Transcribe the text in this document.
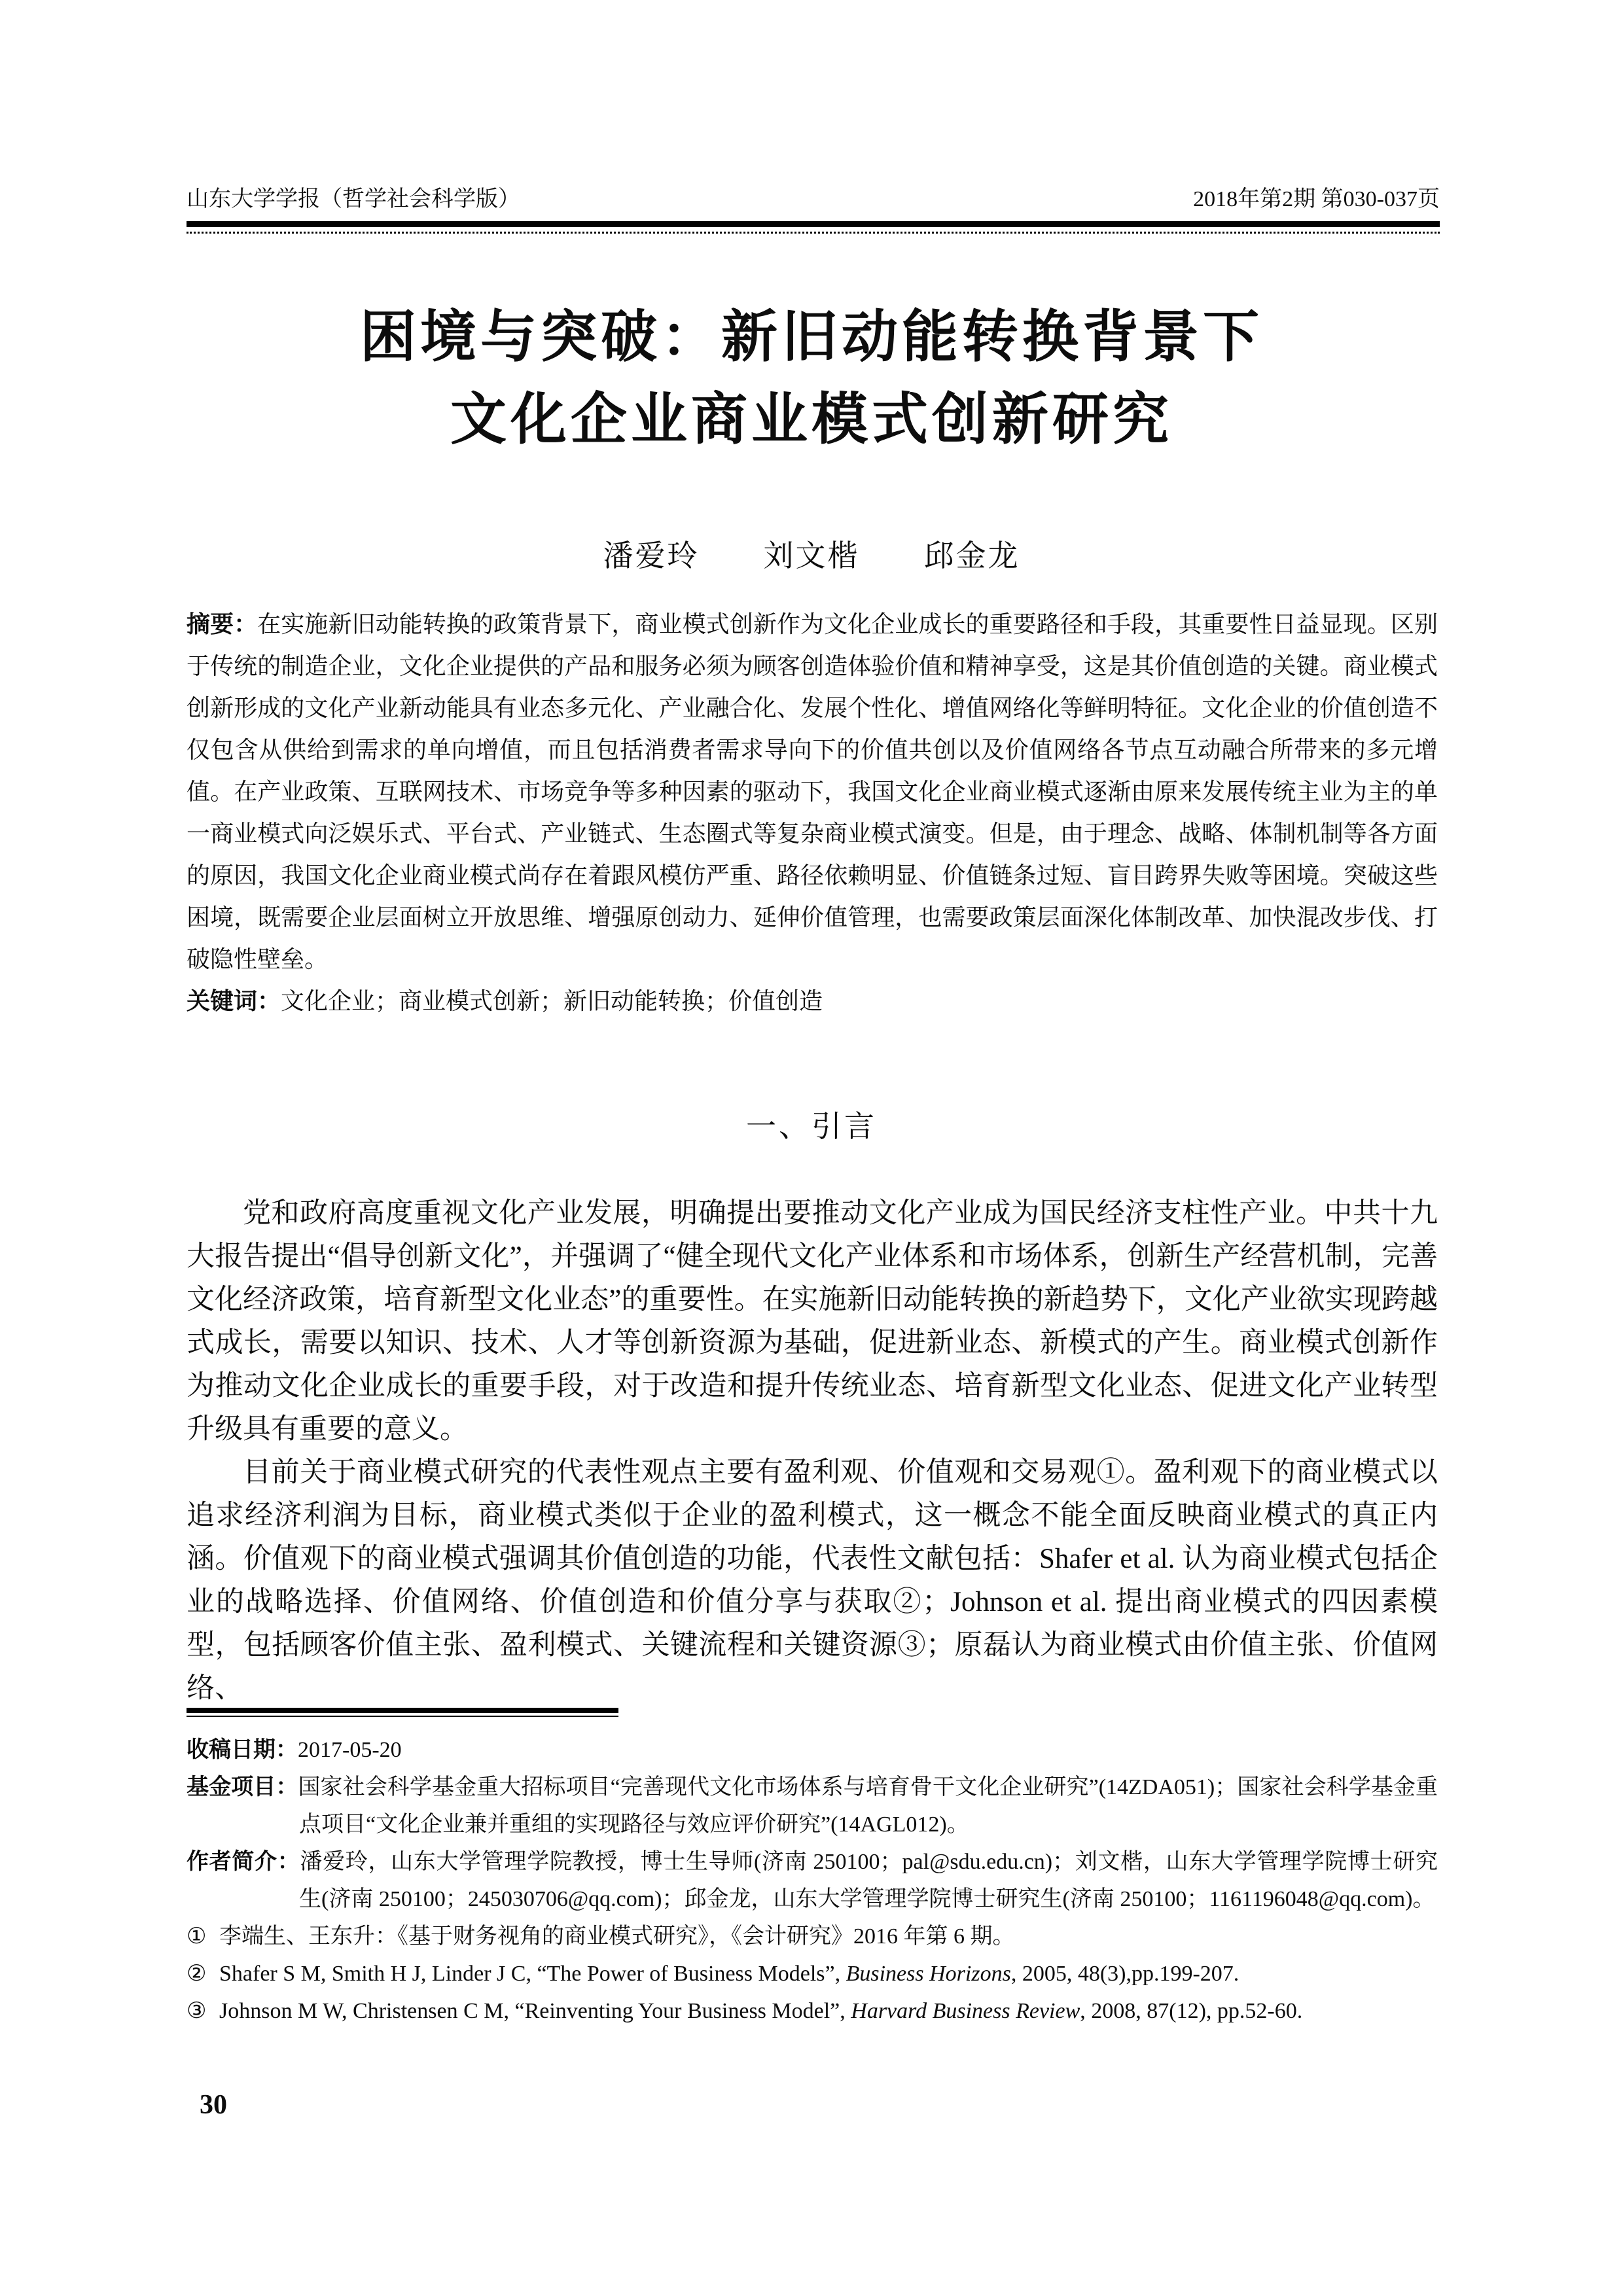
山东大学学报（哲学社会科学版）	2018年第2期 第030-037页
困境与突破：新旧动能转换背景下
文化企业商业模式创新研究
潘爱玲　　刘文楷　　邱金龙

摘要：在实施新旧动能转换的政策背景下，商业模式创新作为文化企业成长的重要路径和手段，其重要性日益显现。区别于传统的制造企业，文化企业提供的产品和服务必须为顾客创造体验价值和精神享受，这是其价值创造的关键。商业模式创新形成的文化产业新动能具有业态多元化、产业融合化、发展个性化、增值网络化等鲜明特征。文化企业的价值创造不仅包含从供给到需求的单向增值，而且包括消费者需求导向下的价值共创以及价值网络各节点互动融合所带来的多元增值。在产业政策、互联网技术、市场竞争等多种因素的驱动下，我国文化企业商业模式逐渐由原来发展传统主业为主的单一商业模式向泛娱乐式、平台式、产业链式、生态圈式等复杂商业模式演变。但是，由于理念、战略、体制机制等各方面的原因，我国文化企业商业模式尚存在着跟风模仿严重、路径依赖明显、价值链条过短、盲目跨界失败等困境。突破这些困境，既需要企业层面树立开放思维、增强原创动力、延伸价值管理，也需要政策层面深化体制改革、加快混改步伐、打破隐性壁垒。

关键词：文化企业；商业模式创新；新旧动能转换；价值创造

一、引言

党和政府高度重视文化产业发展，明确提出要推动文化产业成为国民经济支柱性产业。中共十九大报告提出“倡导创新文化”，并强调了“健全现代文化产业体系和市场体系，创新生产经营机制，完善文化经济政策，培育新型文化业态”的重要性。在实施新旧动能转换的新趋势下，文化产业欲实现跨越式成长，需要以知识、技术、人才等创新资源为基础，促进新业态、新模式的产生。商业模式创新作为推动文化企业成长的重要手段，对于改造和提升传统业态、培育新型文化业态、促进文化产业转型升级具有重要的意义。

目前关于商业模式研究的代表性观点主要有盈利观、价值观和交易观①。盈利观下的商业模式以追求经济利润为目标，商业模式类似于企业的盈利模式，这一概念不能全面反映商业模式的真正内涵。价值观下的商业模式强调其价值创造的功能，代表性文献包括：Shafer et al. 认为商业模式包括企业的战略选择、价值网络、价值创造和价值分享与获取②；Johnson et al. 提出商业模式的四因素模型，包括顾客价值主张、盈利模式、关键流程和关键资源③；原磊认为商业模式由价值主张、价值网络、

收稿日期：2017-05-20

基金项目：国家社会科学基金重大招标项目“完善现代文化市场体系与培育骨干文化企业研究”(14ZDA051)；国家社会科学基金重点项目“文化企业兼并重组的实现路径与效应评价研究”(14AGL012)。

作者简介：潘爱玲，山东大学管理学院教授，博士生导师(济南 250100；pal@sdu.edu.cn)；刘文楷，山东大学管理学院博士研究生(济南 250100；245030706@qq.com)；邱金龙，山东大学管理学院博士研究生(济南 250100；1161196048@qq.com)。

① 李端生、王东升：《基于财务视角的商业模式研究》，《会计研究》2016 年第 6 期。

② Shafer S M, Smith H J, Linder J C, “The Power of Business Models”, Business Horizons, 2005, 48(3),pp.199-207.

③ Johnson M W, Christensen C M, “Reinventing Your Business Model”, Harvard Business Review, 2008, 87(12), pp.52-60.

30
